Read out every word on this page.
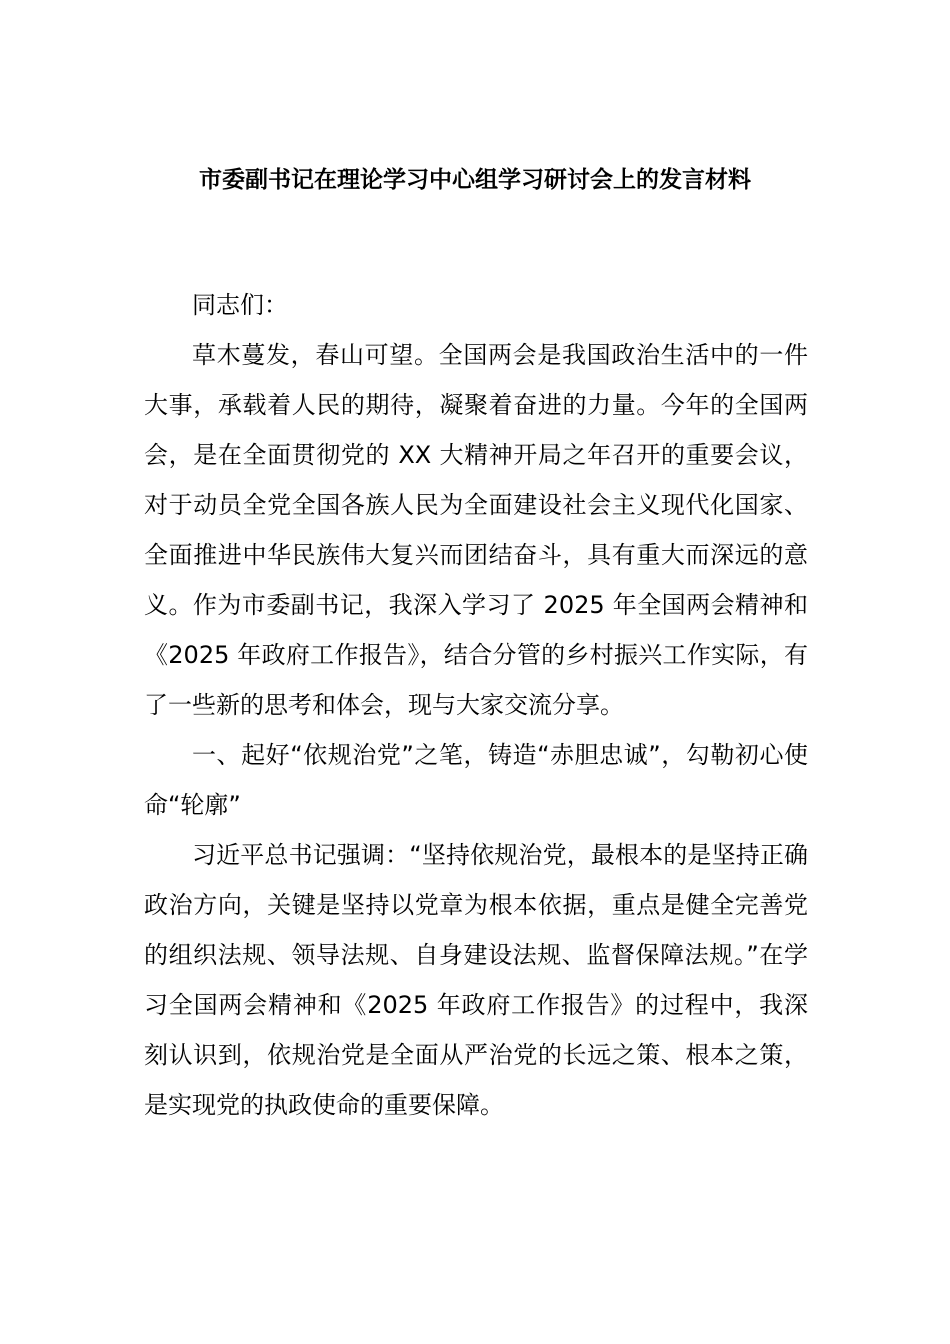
市委副书记在理论学习中心组学习研讨会上的发言材料

同志们：

草木蔓发，春山可望。全国两会是我国政治生活中的一件大事，承载着人民的期待，凝聚着奋进的力量。今年的全国两会，是在全面贯彻党的 XX 大精神开局之年召开的重要会议，对于动员全党全国各族人民为全面建设社会主义现代化国家、全面推进中华民族伟大复兴而团结奋斗，具有重大而深远的意义。作为市委副书记，我深入学习了 2025 年全国两会精神和《2025 年政府工作报告》，结合分管的乡村振兴工作实际，有了一些新的思考和体会，现与大家交流分享。

一、起好“依规治党”之笔，铸造“赤胆忠诚”，勾勒初心使命“轮廓”

习近平总书记强调：“坚持依规治党，最根本的是坚持正确政治方向，关键是坚持以党章为根本依据，重点是健全完善党的组织法规、领导法规、自身建设法规、监督保障法规。”在学习全国两会精神和《2025 年政府工作报告》的过程中，我深刻认识到，依规治党是全面从严治党的长远之策、根本之策，是实现党的执政使命的重要保障。
